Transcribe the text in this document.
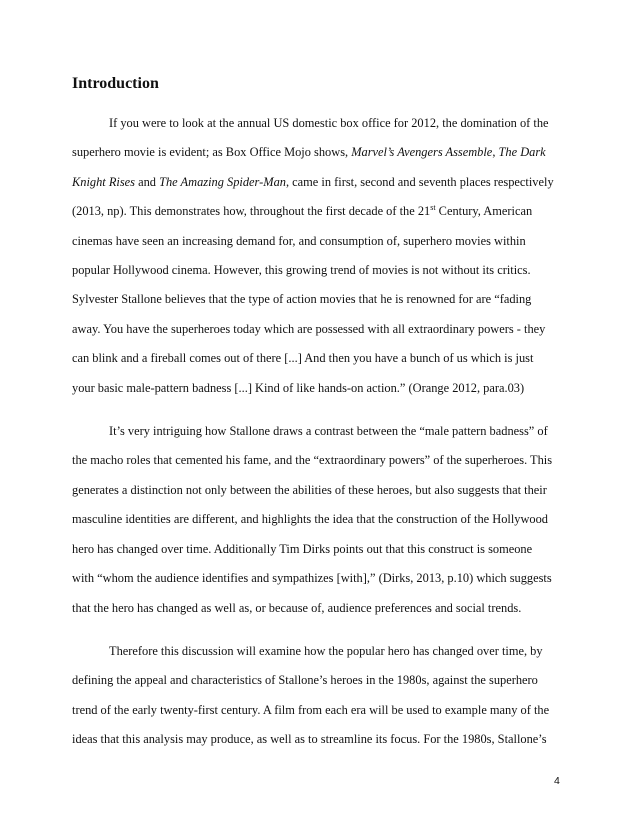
Introduction

If you were to look at the annual US domestic box office for 2012, the domination of the
superhero movie is evident; as Box Office Mojo shows, Marvel’s Avengers Assemble, The Dark
Knight Rises and The Amazing Spider-Man, came in first, second and seventh places respectively
(2013, np). This demonstrates how, throughout the first decade of the 21st Century, American
cinemas have seen an increasing demand for, and consumption of, superhero movies within
popular Hollywood cinema. However, this growing trend of movies is not without its critics.
Sylvester Stallone believes that the type of action movies that he is renowned for are “fading
away. You have the superheroes today which are possessed with all extraordinary powers - they
can blink and a fireball comes out of there [...] And then you have a bunch of us which is just
your basic male-pattern badness [...] Kind of like hands-on action.” (Orange 2012, para.03)

It’s very intriguing how Stallone draws a contrast between the “male pattern badness” of
the macho roles that cemented his fame, and the “extraordinary powers” of the superheroes. This
generates a distinction not only between the abilities of these heroes, but also suggests that their
masculine identities are different, and highlights the idea that the construction of the Hollywood
hero has changed over time. Additionally Tim Dirks points out that this construct is someone
with “whom the audience identifies and sympathizes [with],” (Dirks, 2013, p.10) which suggests
that the hero has changed as well as, or because of, audience preferences and social trends.

Therefore this discussion will examine how the popular hero has changed over time, by
defining the appeal and characteristics of Stallone’s heroes in the 1980s, against the superhero
trend of the early twenty-first century. A film from each era will be used to example many of the
ideas that this analysis may produce, as well as to streamline its focus. For the 1980s, Stallone’s

4
